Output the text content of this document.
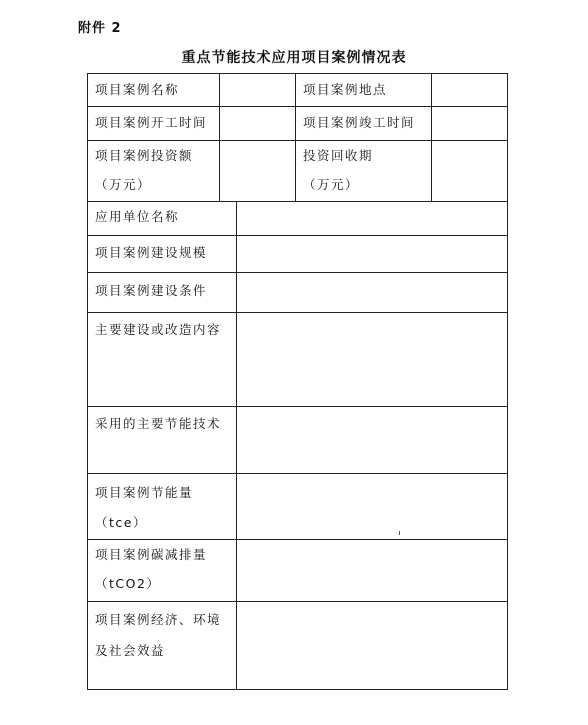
附件 2
重点节能技术应用项目案例情况表
项目案例名称	项目案例地点
项目案例开工时间	项目案例竣工时间
项目案例投资额
（万元）
投资回收期
（万元）
应用单位名称
项目案例建设规模
项目案例建设条件
主要建设或改造内容
采用的主要节能技术
项目案例节能量
（tce）
项目案例碳减排量
（tCO2）
项目案例经济、环境
及社会效益
